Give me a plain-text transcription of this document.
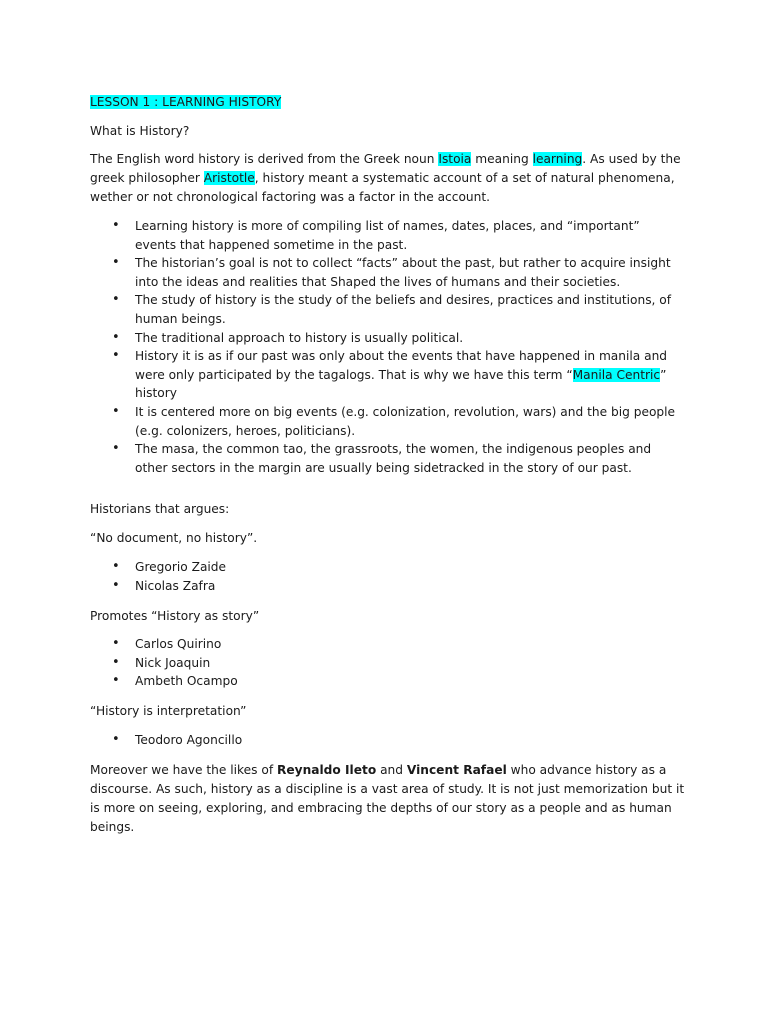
LESSON 1 : LEARNING HISTORY
What is History?
The English word history is derived from the Greek noun Istoia meaning learning. As used by the greek philosopher Aristotle, history meant a systematic account of a set of natural phenomena, wether or not chronological factoring was a factor in the account.
• Learning history is more of compiling list of names, dates, places, and “important” events that happened sometime in the past.
• The historian’s goal is not to collect “facts” about the past, but rather to acquire insight into the ideas and realities that Shaped the lives of humans and their societies.
• The study of history is the study of the beliefs and desires, practices and institutions, of human beings.
• The traditional approach to history is usually political.
• History it is as if our past was only about the events that have happened in manila and were only participated by the tagalogs. That is why we have this term “Manila Centric” history
• It is centered more on big events (e.g. colonization, revolution, wars) and the big people (e.g. colonizers, heroes, politicians).
• The masa, the common tao, the grassroots, the women, the indigenous peoples and other sectors in the margin are usually being sidetracked in the story of our past.
Historians that argues:
“No document, no history”.
• Gregorio Zaide
• Nicolas Zafra
Promotes “History as story”
• Carlos Quirino
• Nick Joaquin
• Ambeth Ocampo
“History is interpretation”
• Teodoro Agoncillo
Moreover we have the likes of Reynaldo Ileto and Vincent Rafael who advance history as a discourse. As such, history as a discipline is a vast area of study. It is not just memorization but it is more on seeing, exploring, and embracing the depths of our story as a people and as human beings.
